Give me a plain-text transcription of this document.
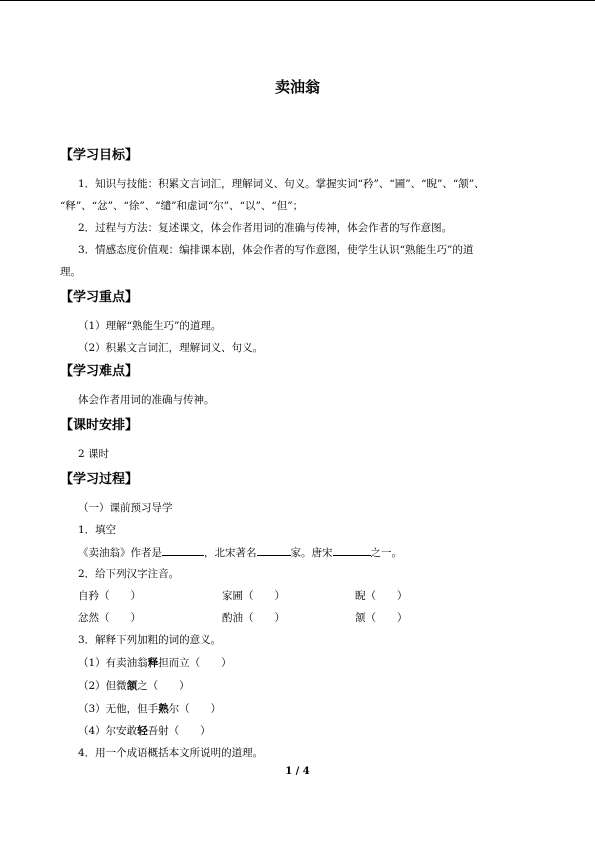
卖油翁
【学习目标】
1．知识与技能：积累文言词汇，理解词义、句义。掌握实词“矜”、“圃”、“睨”、“颔”、
“释”、“忿”、“徐”、“缱”和虚词“尔”、“以”、“但”；
2．过程与方法：复述课文，体会作者用词的准确与传神，体会作者的写作意图。
3．情感态度价值观：编排课本剧，体会作者的写作意图，使学生认识“熟能生巧”的道
理。
【学习重点】
（1）理解“熟能生巧”的道理。
（2）积累文言词汇，理解词义、句义。
【学习难点】
体会作者用词的准确与传神。
【课时安排】
2 课时
【学习过程】
（一）课前预习导学
1．填空
《卖油翁》作者是	，北宋著名	家。唐宋	之一。
2．给下列汉字注音。
自矜（　　）	家圃（　　）	睨（　　）
忿然（　　）	酌油（　　）	颔（　　）
3．解释下列加粗的词的意义。
（1）有卖油翁释担而立（　　）
（2）但微颔之（　　）
（3）无他，但手熟尔（　　）
（4）尔安敢轻吾射（　　）
4．用一个成语概括本文所说明的道理。
1 / 4
